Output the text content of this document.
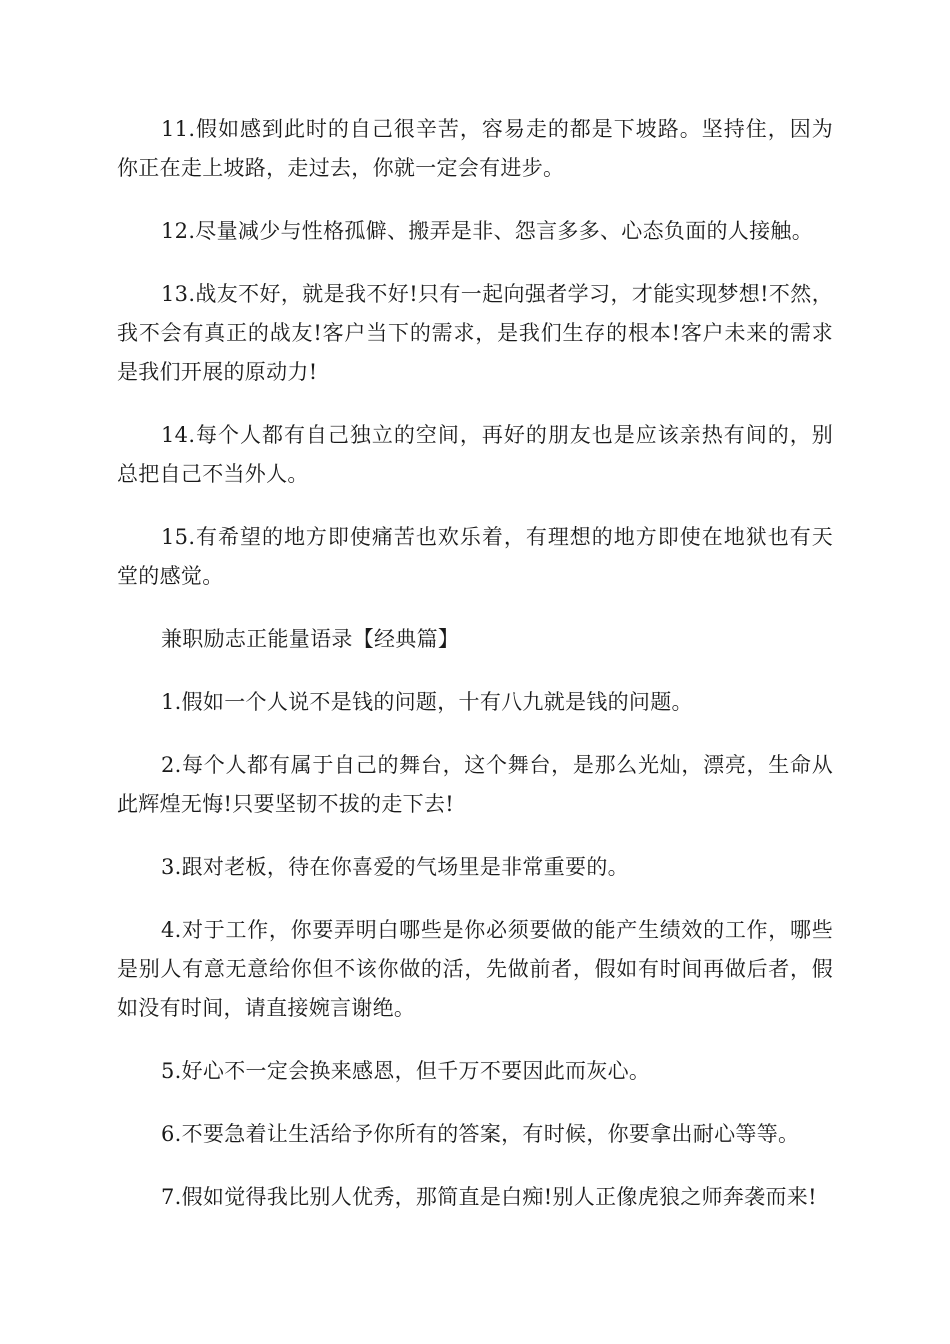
11.假如感到此时的自己很辛苦，容易走的都是下坡路。坚持住，因为你正在走上坡路，走过去，你就一定会有进步。

12.尽量减少与性格孤僻、搬弄是非、怨言多多、心态负面的人接触。

13.战友不好，就是我不好!只有一起向强者学习，才能实现梦想!不然，我不会有真正的战友!客户当下的需求，是我们生存的根本!客户未来的需求是我们开展的原动力!

14.每个人都有自己独立的空间，再好的朋友也是应该亲热有间的，别总把自己不当外人。

15.有希望的地方即使痛苦也欢乐着，有理想的地方即使在地狱也有天堂的感觉。

兼职励志正能量语录【经典篇】

1.假如一个人说不是钱的问题，十有八九就是钱的问题。

2.每个人都有属于自己的舞台，这个舞台，是那么光灿，漂亮，生命从此辉煌无悔!只要坚韧不拔的走下去!

3.跟对老板，待在你喜爱的气场里是非常重要的。

4.对于工作，你要弄明白哪些是你必须要做的能产生绩效的工作，哪些是别人有意无意给你但不该你做的活，先做前者，假如有时间再做后者，假如没有时间，请直接婉言谢绝。

5.好心不一定会换来感恩，但千万不要因此而灰心。

6.不要急着让生活给予你所有的答案，有时候，你要拿出耐心等等。

7.假如觉得我比别人优秀，那简直是白痴!别人正像虎狼之师奔袭而来!
